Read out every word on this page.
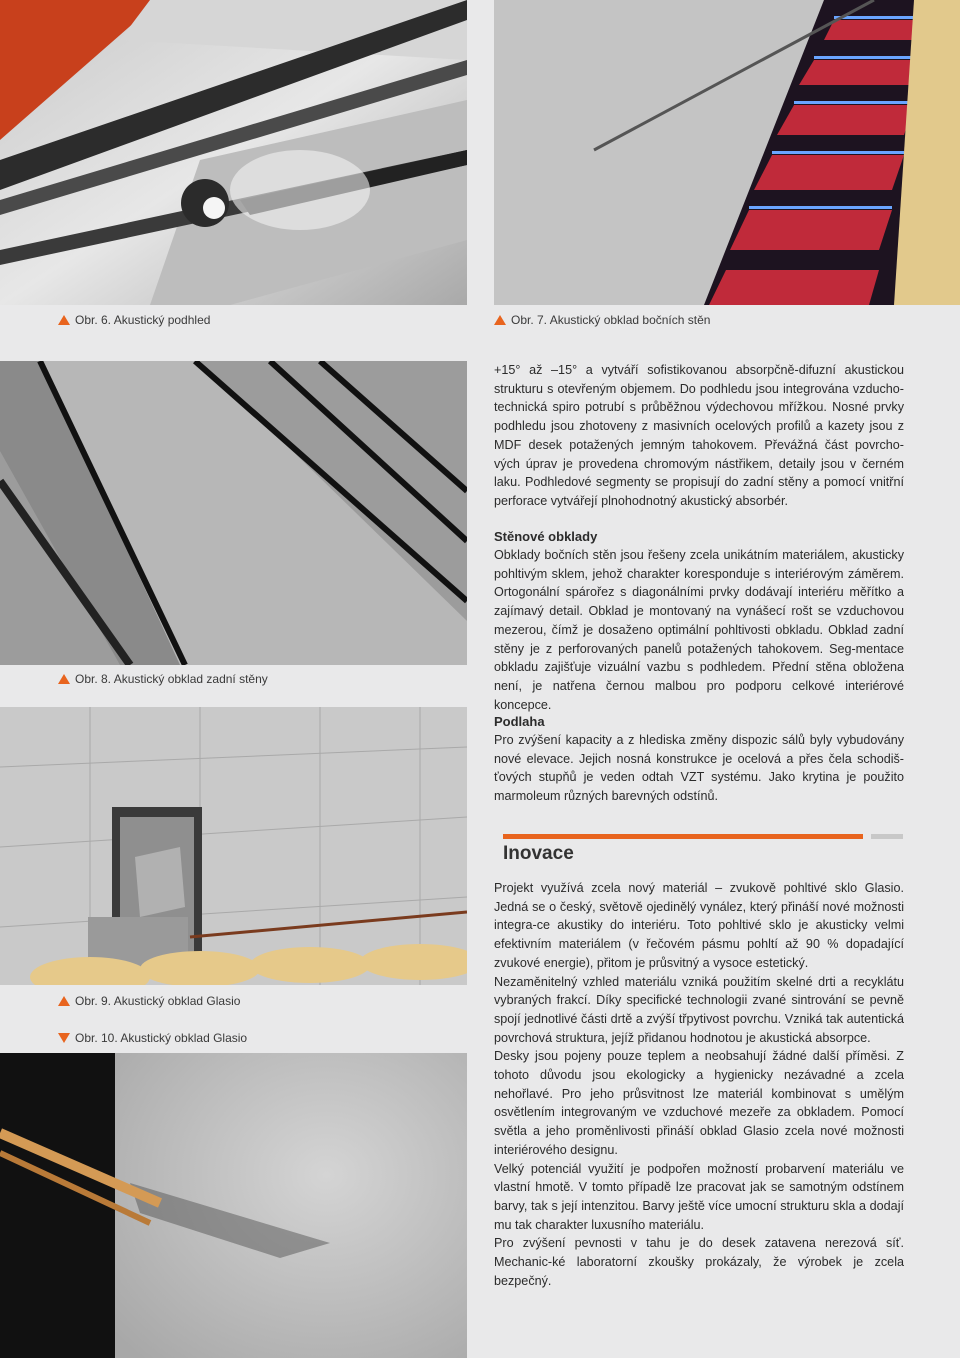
Obr. 6. Akustický podhled	Obr. 7. Akustický obklad bočních stěn
Obr. 8. Akustický obklad zadní stěny
Obr. 9. Akustický obklad Glasio
Obr. 10. Akustický obklad Glasio

+15° až –15° a vytváří sofistikovanou absorpčně-difuzní akustickou strukturu s otevřeným objemem. Do podhledu jsou integrována vzducho-technická spiro potrubí s průběžnou výdechovou mřížkou. Nosné prvky podhledu jsou zhotoveny z masivních ocelových profilů a kazety jsou z MDF desek potažených jemným tahokovem. Převážná část povrcho-vých úprav je provedena chromovým nástřikem, detaily jsou v černém laku. Podhledové segmenty se propisují do zadní stěny a pomocí vnitřní perforace vytvářejí plnohodnotný akustický absorbér.

Stěnové obklady

Obklady bočních stěn jsou řešeny zcela unikátním materiálem, akusticky pohltivým sklem, jehož charakter koresponduje s interiérovým záměrem. Ortogonální spárořez s diagonálními prvky dodávají interiéru měřítko a zajímavý detail. Obklad je montovaný na vynášecí rošt se vzduchovou mezerou, čímž je dosaženo optimální pohltivosti obkladu. Obklad zadní stěny je z perforovaných panelů potažených tahokovem. Seg-mentace obkladu zajišťuje vizuální vazbu s podhledem. Přední stěna obložena není, je natřena černou malbou pro podporu celkové interiérové koncepce.

Podlaha

Pro zvýšení kapacity a z hlediska změny dispozic sálů byly vybudovány nové elevace. Jejich nosná konstrukce je ocelová a přes čela schodiš-ťových stupňů je veden odtah VZT systému. Jako krytina je použito marmoleum různých barevných odstínů.

Inovace

Projekt využívá zcela nový materiál – zvukově pohltivé sklo Glasio. Jedná se o český, světově ojedinělý vynález, který přináší nové možnosti integra-ce akustiky do interiéru. Toto pohltivé sklo je akusticky velmi efektivním materiálem (v řečovém pásmu pohltí až 90 % dopadající zvukové energie), přitom je průsvitný a vysoce estetický.

Nezaměnitelný vzhled materiálu vzniká použitím skelné drti a recyklátu vybraných frakcí. Díky specifické technologii zvané sintrování se pevně spojí jednotlivé části drtě a zvýší třpytivost povrchu. Vzniká tak autentická povrchová struktura, jejíž přidanou hodnotou je akustická absorpce.

Desky jsou pojeny pouze teplem a neobsahují žádné další příměsi. Z tohoto důvodu jsou ekologicky a hygienicky nezávadné a zcela nehořlavé. Pro jeho průsvitnost lze materiál kombinovat s umělým osvětlením integrovaným ve vzduchové mezeře za obkladem. Pomocí světla a jeho proměnlivosti přináší obklad Glasio zcela nové možnosti interiérového designu.

Velký potenciál využití je podpořen možností probarvení materiálu ve vlastní hmotě. V tomto případě lze pracovat jak se samotným odstínem barvy, tak s její intenzitou. Barvy ještě více umocní strukturu skla a dodají mu tak charakter luxusního materiálu.

Pro zvýšení pevnosti v tahu je do desek zatavena nerezová síť. Mechanic-ké laboratorní zkoušky prokázaly, že výrobek je zcela bezpečný.
